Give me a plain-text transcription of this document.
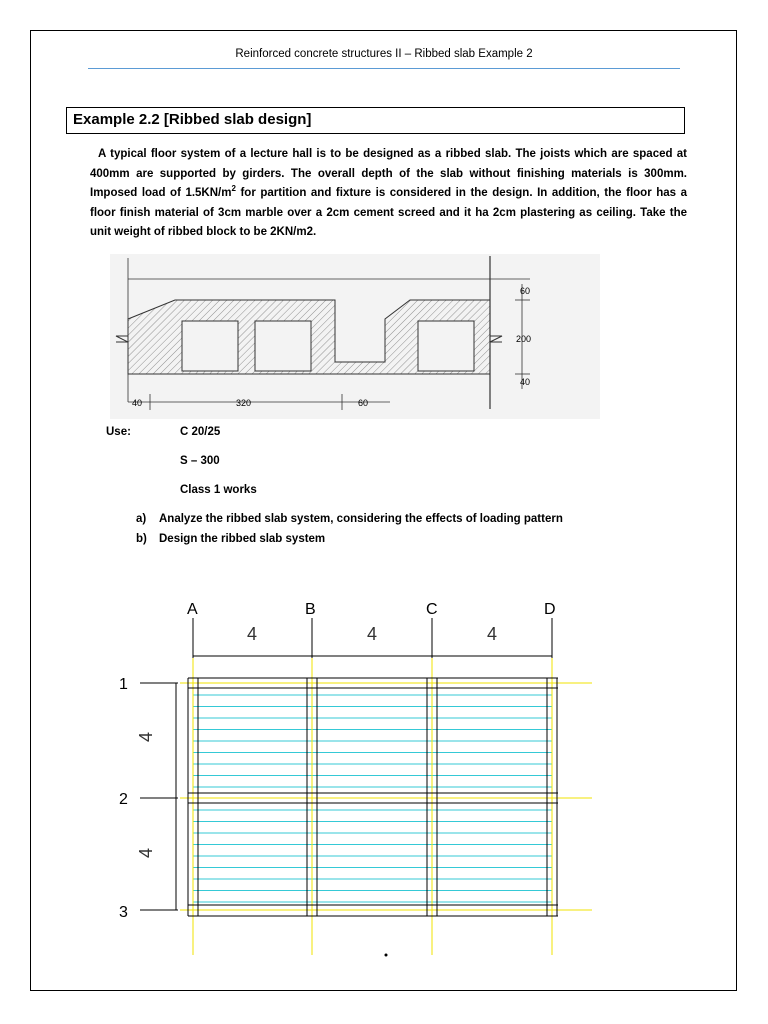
Reinforced concrete structures II – Ribbed slab Example 2
Example 2.2 [Ribbed slab design]
A typical floor system of a lecture hall is to be designed as a ribbed slab. The joists which are spaced at 400mm are supported by girders. The overall depth of the slab without finishing materials is 300mm. Imposed load of $1.5KN/m^2$ for partition and fixture is considered in the design. In addition, the floor has a floor finish material of 3cm marble over a 2cm cement screed and it ha 2cm plastering as ceiling. Take the unit weight of ribbed block to be 2KN/m2.
60
200
40
40	320	60
Use:	C 20/25
S – 300
Class 1 works
a) Analyze the ribbed slab system, considering the effects of loading pattern
b) Design the ribbed slab system
A	B	C	D
4	4	4
1
2
3
4
4
